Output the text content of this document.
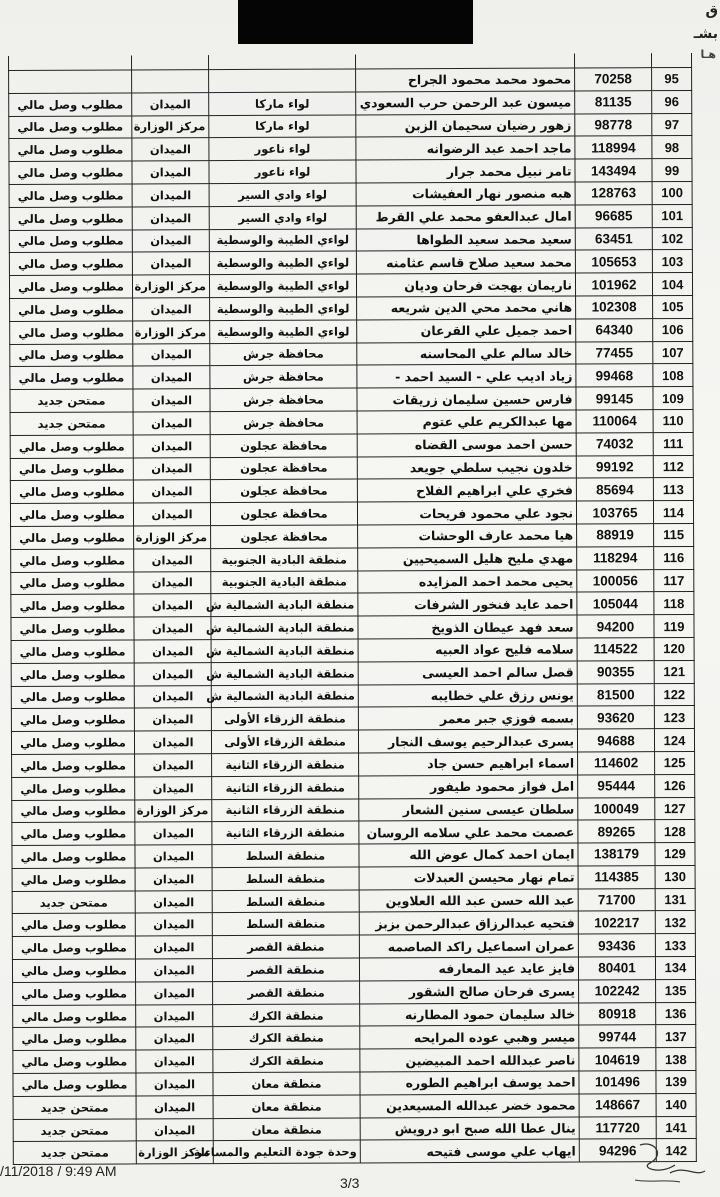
ق
بشـ
هـا

95	70258	محمود محمد محمود الجراح			
96	81135	ميسون عبد الرحمن حرب السعودي	لواء ماركا	الميدان	مطلوب وصل مالي
97	98778	زهور رضيان سحيمان الزبن	لواء ماركا	مركز الوزارة	مطلوب وصل مالي
98	118994	ماجد احمد عبد الرضوانه	لواء ناعور	الميدان	مطلوب وصل مالي
99	143494	تامر نبيل محمد جرار	لواء ناعور	الميدان	مطلوب وصل مالي
100	128763	هبه منصور نهار العفيشات	لواء وادي السير	الميدان	مطلوب وصل مالي
101	96685	امال عبدالعفو محمد علي القرط	لواء وادي السير	الميدان	مطلوب وصل مالي
102	63451	سعيد محمد سعيد الطواها	لواءي الطيبة والوسطية	الميدان	مطلوب وصل مالي
103	105653	محمد سعيد صلاح قاسم عثامنه	لواءي الطيبة والوسطية	الميدان	مطلوب وصل مالي
104	101962	ناريمان بهجت فرحان وديان	لواءي الطيبة والوسطية	مركز الوزارة	مطلوب وصل مالي
105	102308	هاني محمد محي الدين شريعه	لواءي الطيبة والوسطية	الميدان	مطلوب وصل مالي
106	64340	احمد جميل علي القرعان	لواءي الطيبة والوسطية	مركز الوزارة	مطلوب وصل مالي
107	77455	خالد سالم علي المحاسنه	محافظة جرش	الميدان	مطلوب وصل مالي
108	99468	زياد اديب علي - السيد احمد -	محافظة جرش	الميدان	مطلوب وصل مالي
109	99145	فارس حسين سليمان زريقات	محافظة جرش	الميدان	ممتحن جديد
110	110064	مها عبدالكريم علي عتوم	محافظة جرش	الميدان	ممتحن جديد
111	74032	حسن احمد موسى القضاه	محافظة عجلون	الميدان	مطلوب وصل مالي
112	99192	خلدون نجيب سلطي جويعد	محافظة عجلون	الميدان	مطلوب وصل مالي
113	85694	فخري علي ابراهيم الفلاح	محافظة عجلون	الميدان	مطلوب وصل مالي
114	103765	نجود علي محمود فريحات	محافظة عجلون	الميدان	مطلوب وصل مالي
115	88919	هيا محمد عارف الوحشات	محافظة عجلون	مركز الوزارة	مطلوب وصل مالي
116	118294	مهدي مليح هليل السميحيين	منطقة البادية الجنوبية	الميدان	مطلوب وصل مالي
117	100056	يحيى محمد احمد المزايده	منطقة البادية الجنوبية	الميدان	مطلوب وصل مالي
118	105044	احمد عايد فنخور الشرفات	منطقة البادية الشمالية ش	الميدان	مطلوب وصل مالي
119	94200	سعد فهد عيطان الذويخ	منطقة البادية الشمالية ش	الميدان	مطلوب وصل مالي
120	114522	سلامه فليح عواد العبيه	منطقة البادية الشمالية ش	الميدان	مطلوب وصل مالي
121	90355	قصل سالم احمد العيسى	منطقة البادية الشمالية ش	الميدان	مطلوب وصل مالي
122	81500	يونس رزق علي خطايبه	منطقة البادية الشمالية ش	الميدان	مطلوب وصل مالي
123	93620	بسمه فوزي جبر معمر	منطقة الزرقاء الأولى	الميدان	مطلوب وصل مالي
124	94688	يسرى عبدالرحيم يوسف النجار	منطقة الزرقاء الأولى	الميدان	مطلوب وصل مالي
125	114602	اسماء ابراهيم حسن جاد	منطقة الزرقاء الثانية	الميدان	مطلوب وصل مالي
126	95444	امل فواز محمود طيفور	منطقة الزرقاء الثانية	الميدان	مطلوب وصل مالي
127	100049	سلطان عيسى سنين الشعار	منطقة الزرقاء الثانية	مركز الوزارة	مطلوب وصل مالي
128	89265	عصمت محمد علي سلامه الروسان	منطقة الزرقاء الثانية	الميدان	مطلوب وصل مالي
129	138179	ايمان احمد كمال عوض الله	منطقة السلط	الميدان	مطلوب وصل مالي
130	114385	تمام نهار محيسن العبدلات	منطقة السلط	الميدان	مطلوب وصل مالي
131	71700	عبد الله حسن عبد الله العلاوين	منطقة السلط	الميدان	ممتحن جديد
132	102217	فتحيه عبدالرزاق عبدالرحمن بزبز	منطقة السلط	الميدان	مطلوب وصل مالي
133	93436	عمران اسماعيل راكد الصاصمه	منطقة القصر	الميدان	مطلوب وصل مالي
134	80401	فايز عايد عيد المعارفه	منطقة القصر	الميدان	مطلوب وصل مالي
135	102242	يسرى فرحان صالح الشقور	منطقة القصر	الميدان	مطلوب وصل مالي
136	80918	خالد سليمان حمود المطارنه	منطقة الكرك	الميدان	مطلوب وصل مالي
137	99744	ميسر وهبي عوده المرايحه	منطقة الكرك	الميدان	مطلوب وصل مالي
138	104619	ناصر عبدالله احمد المبيضين	منطقة الكرك	الميدان	مطلوب وصل مالي
139	101496	احمد يوسف ابراهيم الطوره	منطقة معان	الميدان	مطلوب وصل مالي
140	148667	محمود خضر عبدالله المسيعدين	منطقة معان	الميدان	ممتحن جديد
141	117720	ينال عطا الله صبح ابو درويش	منطقة معان	الميدان	ممتحن جديد
142	94296	ايهاب علي موسى فتيحه	وحدة جودة التعليم والمساءلة	مركز الوزارة	ممتحن جديد
/11/2018 / 9:49 AM
3/3
